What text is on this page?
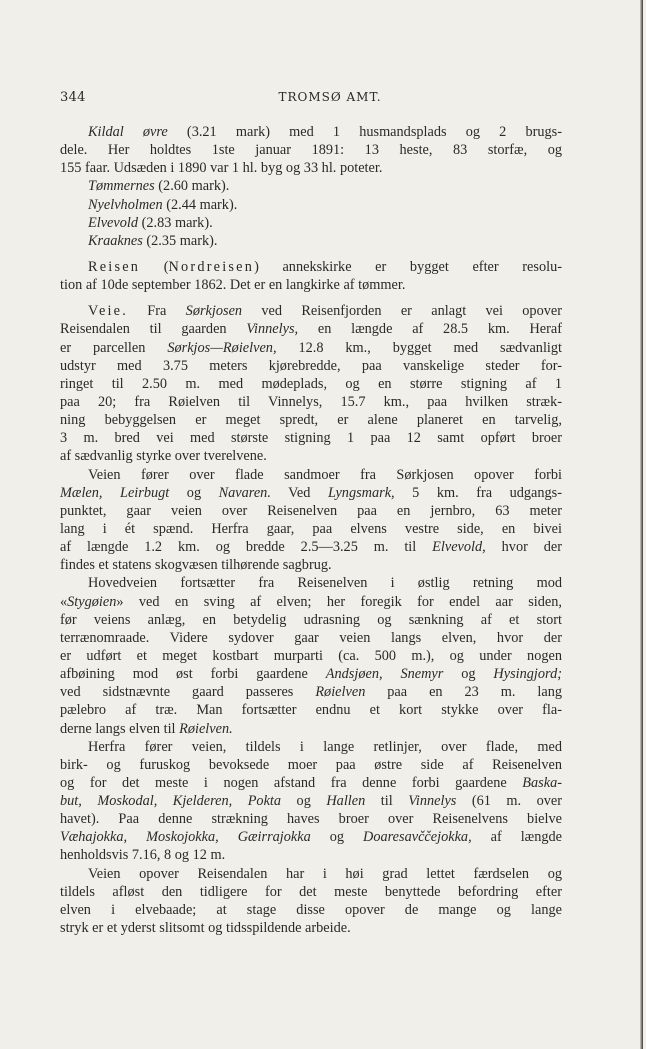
344	TROMSØ AMT.
Kildal øvre (3.21 mark) med 1 husmandsplads og 2 brugs-
dele. Her holdtes 1ste januar 1891: 13 heste, 83 storfæ, og
155 faar. Udsæden i 1890 var 1 hl. byg og 33 hl. poteter.
Tømmernes (2.60 mark).
Nyelvholmen (2.44 mark).
Elvevold (2.83 mark).
Kraaknes (2.35 mark).
Reisen (Nordreisen) annekskirke er bygget efter resolu-
tion af 10de september 1862. Det er en langkirke af tømmer.
Veie. Fra Sørkjosen ved Reisenfjorden er anlagt vei opover
Reisendalen til gaarden Vinnelys, en længde af 28.5 km. Heraf
er parcellen Sørkjos—Røielven, 12.8 km., bygget med sædvanligt
udstyr med 3.75 meters kjørebredde, paa vanskelige steder for-
ringet til 2.50 m. med mødeplads, og en større stigning af 1
paa 20; fra Røielven til Vinnelys, 15.7 km., paa hvilken stræk-
ning bebyggelsen er meget spredt, er alene planeret en tarvelig,
3 m. bred vei med største stigning 1 paa 12 samt opført broer
af sædvanlig styrke over tverelvene.
Veien fører over flade sandmoer fra Sørkjosen opover forbi
Mælen, Leirbugt og Navaren. Ved Lyngsmark, 5 km. fra udgangs-
punktet, gaar veien over Reisenelven paa en jernbro, 63 meter
lang i ét spænd. Herfra gaar, paa elvens vestre side, en bivei
af længde 1.2 km. og bredde 2.5—3.25 m. til Elvevold, hvor der
findes et statens skogvæsen tilhørende sagbrug.
Hovedveien fortsætter fra Reisenelven i østlig retning mod
«Stygøien» ved en sving af elven; her foregik for endel aar siden,
før veiens anlæg, en betydelig udrasning og sænkning af et stort
terrænomraade. Videre sydover gaar veien langs elven, hvor der
er udført et meget kostbart murparti (ca. 500 m.), og under nogen
afbøining mod øst forbi gaardene Andsjøen, Snemyr og Hysingjord;
ved sidstnævnte gaard passeres Røielven paa en 23 m. lang
pælebro af træ. Man fortsætter endnu et kort stykke over fla-
derne langs elven til Røielven.
Herfra fører veien, tildels i lange retlinjer, over flade, med
birk- og furuskog bevoksede moer paa østre side af Reisenelven
og for det meste i nogen afstand fra denne forbi gaardene Baska-
but, Moskodal, Kjelderen, Pokta og Hallen til Vinnelys (61 m. over
havet). Paa denne strækning haves broer over Reisenelvens bielve
Væhajokka, Moskojokka, Gæirrajokka og Doaresavččejokka, af længde
henholdsvis 7.16, 8 og 12 m.
Veien opover Reisendalen har i høi grad lettet færdselen og
tildels afløst den tidligere for det meste benyttede befordring efter
elven i elvebaade; at stage disse opover de mange og lange
stryk er et yderst slitsomt og tidsspildende arbeide.
